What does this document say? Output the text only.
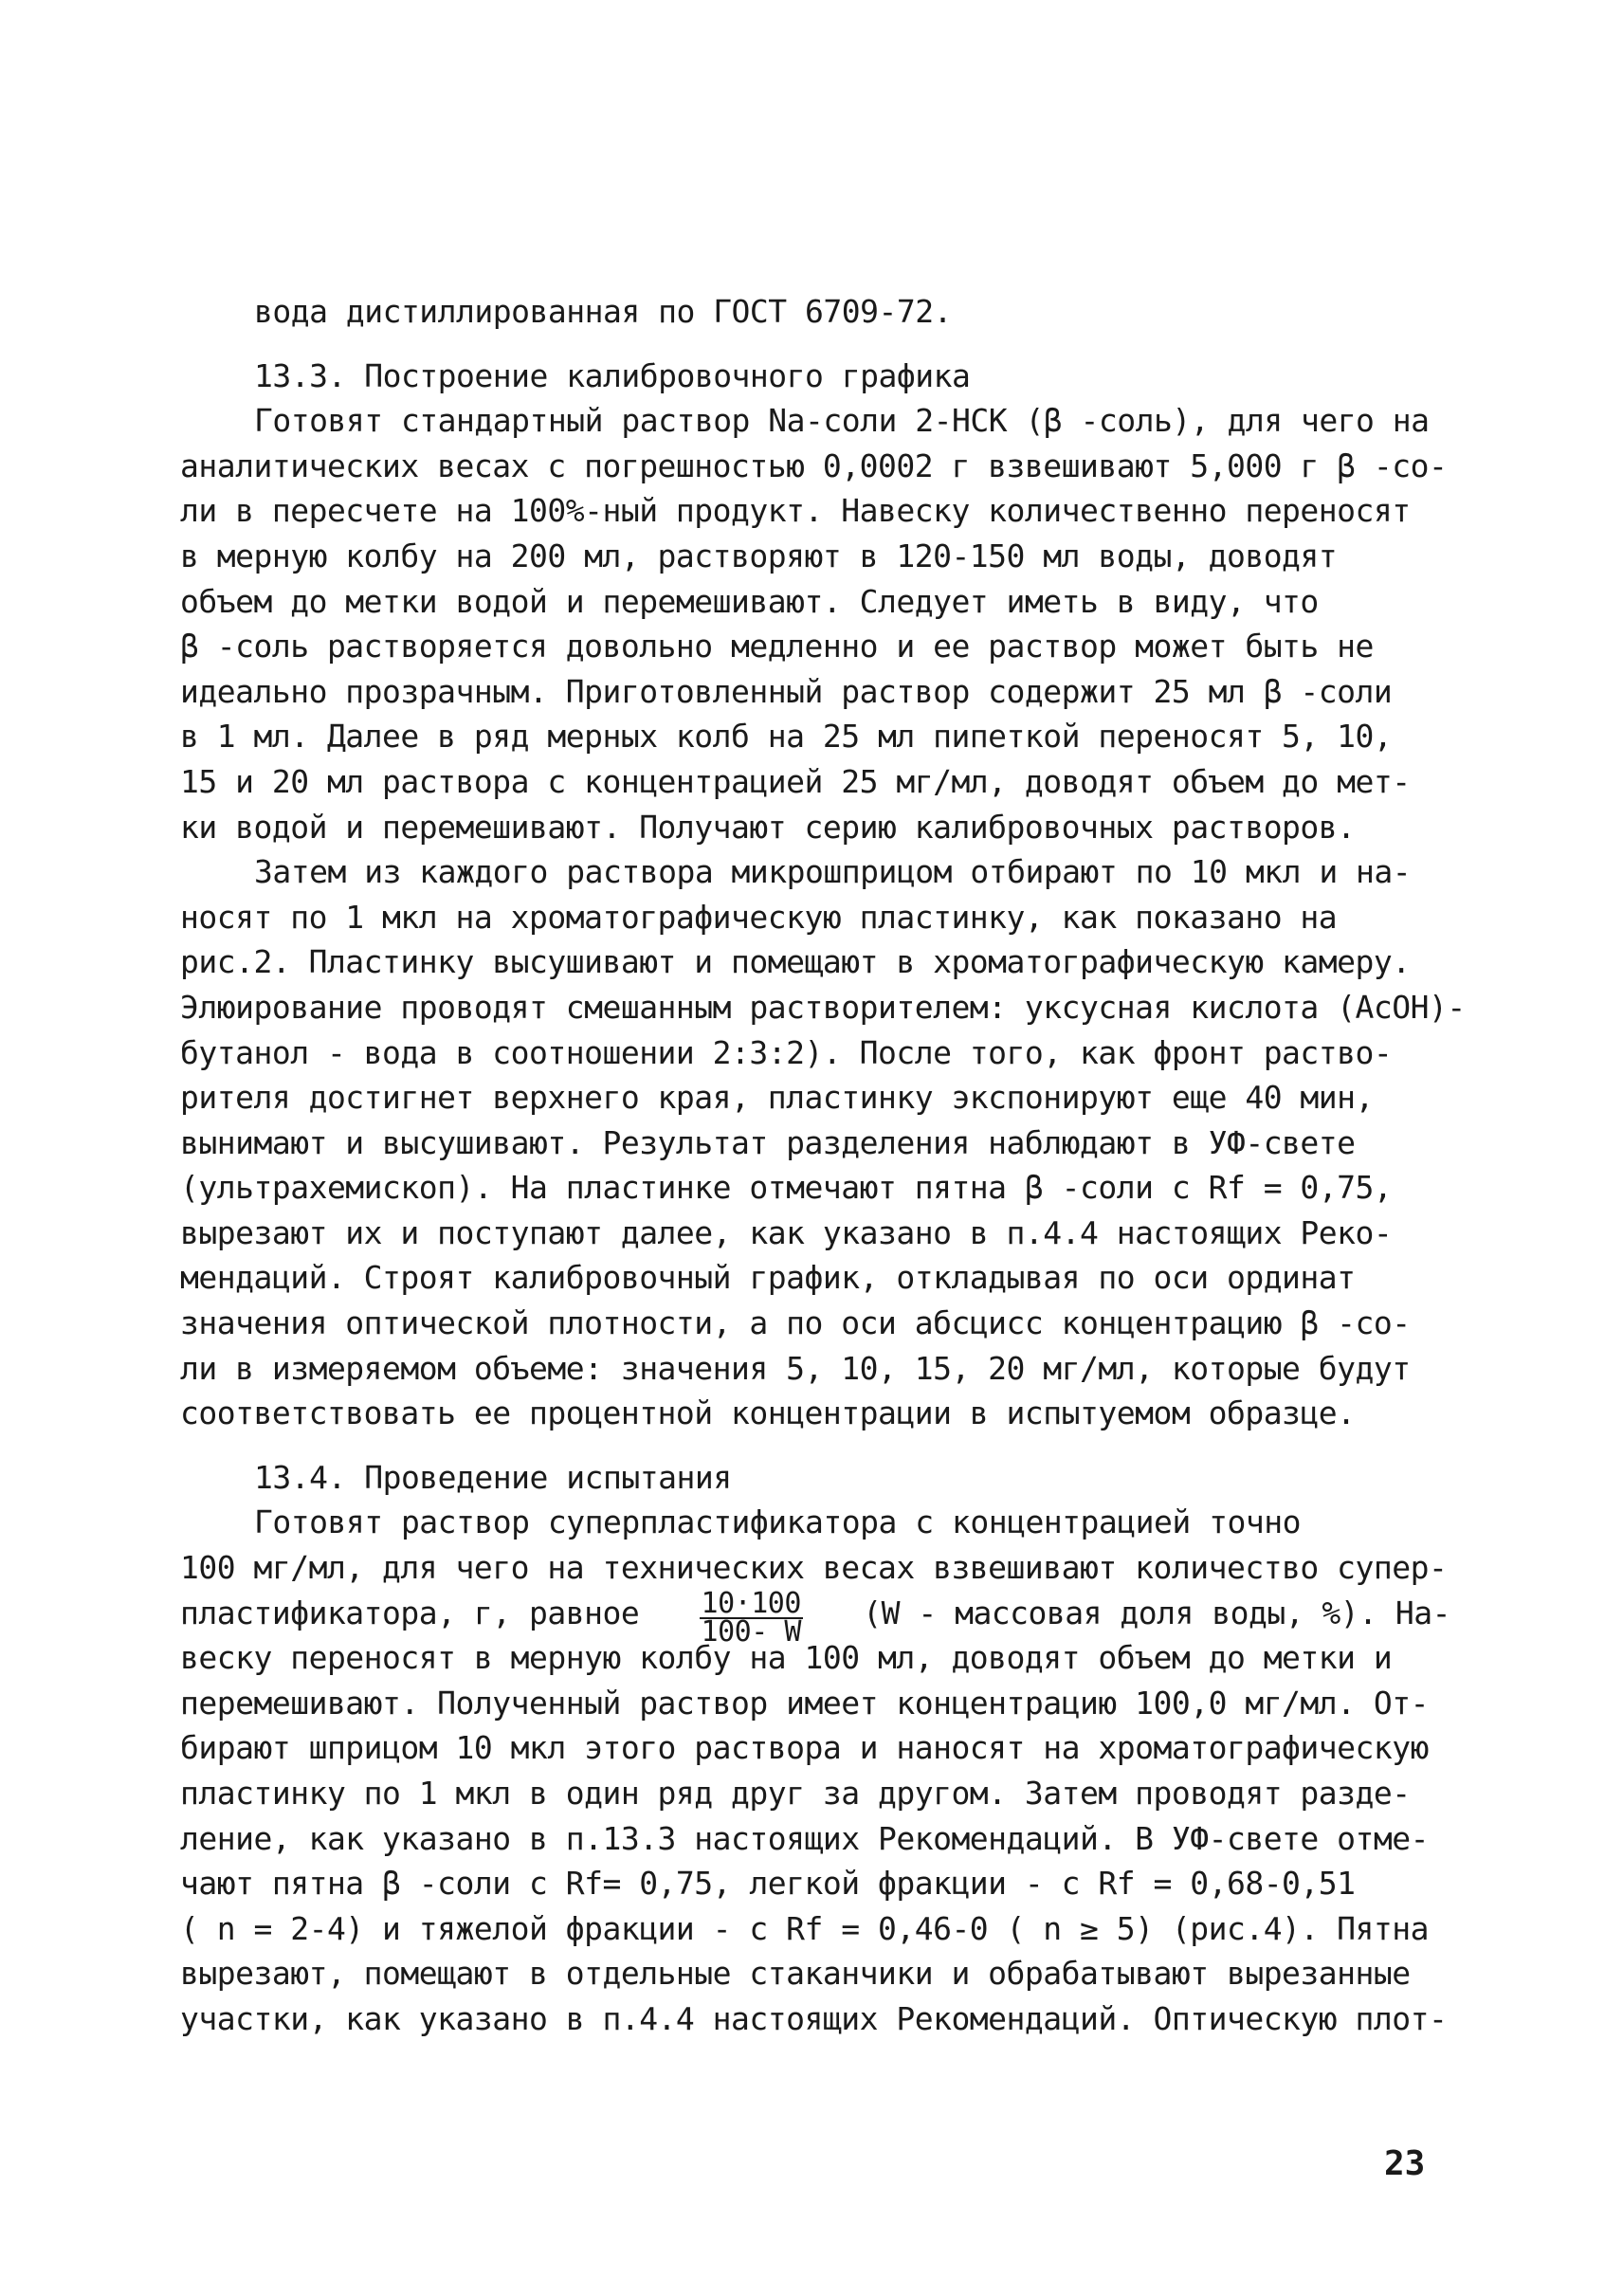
вода дистиллированная по ГОСТ 6709-72.
13.3. Построение калибровочного графика
Готовят стандартный раствор Na-соли 2-НСК (β -соль), для чего на
аналитических весах с погрешностью 0,0002 г взвешивают 5,000 г β -со-
ли в пересчете на 100%-ный продукт. Навеску количественно переносят
в мерную колбу на 200 мл, растворяют в 120-150 мл воды, доводят
объем до метки водой и перемешивают. Следует иметь в виду, что
β -соль растворяется довольно медленно и ее раствор может быть не
идеально прозрачным. Приготовленный раствор содержит 25 мл β -соли
в 1 мл. Далее в ряд мерных колб на 25 мл пипеткой переносят 5, 10,
15 и 20 мл раствора с концентрацией 25 мг/мл, доводят объем до мет-
ки водой и перемешивают. Получают серию калибровочных растворов.
Затем из каждого раствора микрошприцом отбирают по 10 мкл и на-
носят по 1 мкл на хроматографическую пластинку, как показано на
рис.2. Пластинку высушивают и помещают в хроматографическую камеру.
Элюирование проводят смешанным растворителем: уксусная кислота (AcOH)-
бутанол - вода в соотношении 2:3:2). После того, как фронт раство-
рителя достигнет верхнего края, пластинку экспонируют еще 40 мин,
вынимают и высушивают. Результат разделения наблюдают в УФ-свете
(ультрахемископ). На пластинке отмечают пятна β -соли с Rf = 0,75,
вырезают их и поступают далее, как указано в п.4.4 настоящих Реко-
мендаций. Строят калибровочный график, откладывая по оси ординат
значения оптической плотности, а по оси абсцисс концентрацию β -со-
ли в измеряемом объеме: значения 5, 10, 15, 20 мг/мл, которые будут
соответствовать ее процентной концентрации в испытуемом образце.
13.4. Проведение испытания
Готовят раствор суперпластификатора с концентрацией точно
100 мг/мл, для чего на технических весах взвешивают количество супер-
пластификатора, г, равное $\frac{10\cdot 100}{100- W} (W$ - массовая доля воды, %). На-
веску переносят в мерную колбу на 100 мл, доводят объем до метки и
перемешивают. Полученный раствор имеет концентрацию 100,0 мг/мл. От-
бирают шприцом 10 мкл этого раствора и наносят на хроматографическую
пластинку по 1 мкл в один ряд друг за другом. Затем проводят разде-
ление, как указано в п.13.3 настоящих Рекомендаций. В УФ-свете отме-
чают пятна β -соли с Rf= 0,75, легкой фракции - с Rf = 0,68-0,51
( n = 2-4) и тяжелой фракции - с Rf = 0,46-0 ( n ≥ 5) (рис.4). Пятна
вырезают, помещают в отдельные стаканчики и обрабатывают вырезанные
участки, как указано в п.4.4 настоящих Рекомендаций. Оптическую плот-
23
